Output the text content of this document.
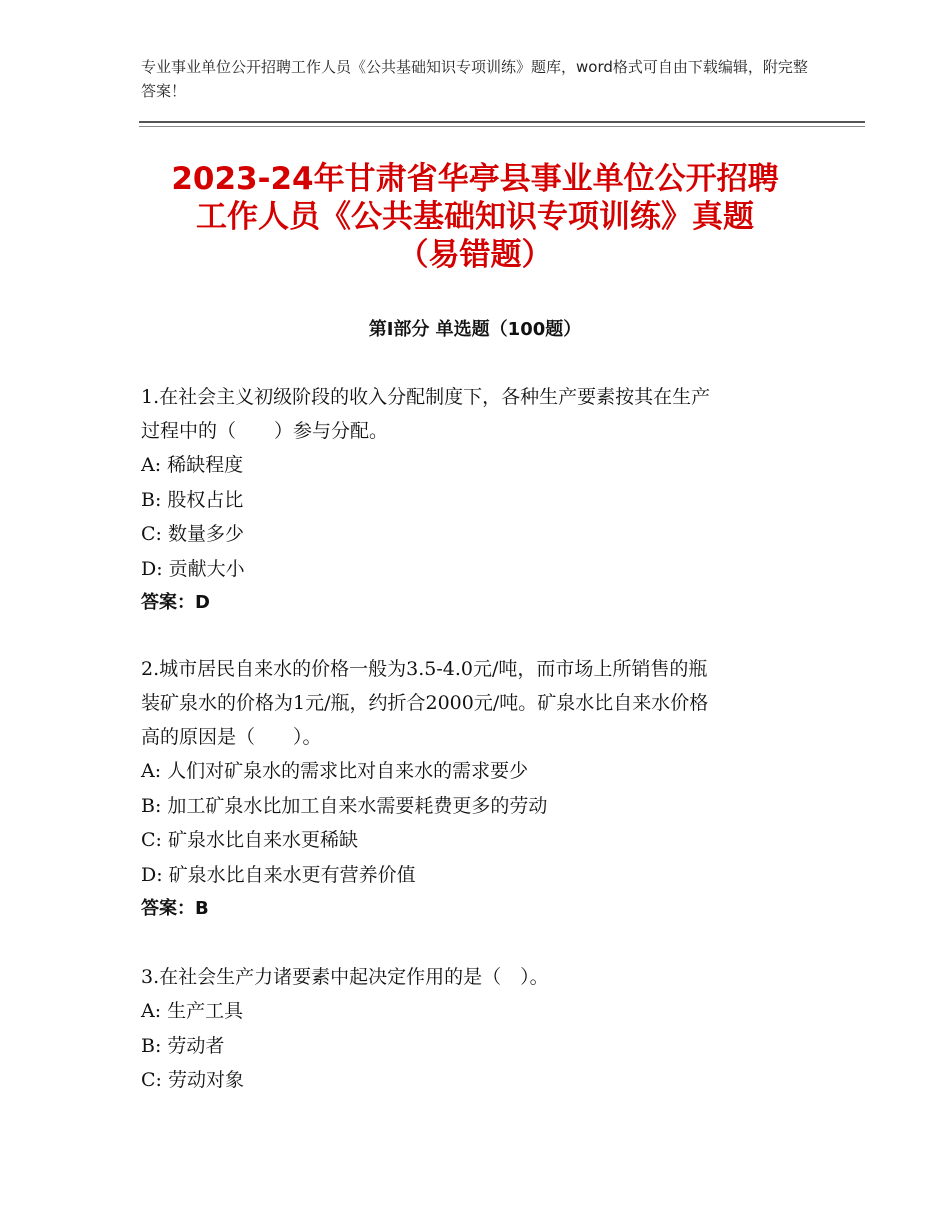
专业事业单位公开招聘工作人员《公共基础知识专项训练》题库，word格式可自由下载编辑，附完整答案！
2023-24年甘肃省华亭县事业单位公开招聘
工作人员《公共基础知识专项训练》真题
（易错题）
第Ⅰ部分 单选题（100题）
1.在社会主义初级阶段的收入分配制度下，各种生产要素按其在生产
过程中的（　　）参与分配。
A: 稀缺程度
B: 股权占比
C: 数量多少
D: 贡献大小
答案：D
2.城市居民自来水的价格一般为3.5-4.0元/吨，而市场上所销售的瓶
装矿泉水的价格为1元/瓶，约折合2000元/吨。矿泉水比自来水价格
高的原因是（　　）。
A: 人们对矿泉水的需求比对自来水的需求要少
B: 加工矿泉水比加工自来水需要耗费更多的劳动
C: 矿泉水比自来水更稀缺
D: 矿泉水比自来水更有营养价值
答案：B
3.在社会生产力诸要素中起决定作用的是（　）。
A: 生产工具
B: 劳动者
C: 劳动对象
